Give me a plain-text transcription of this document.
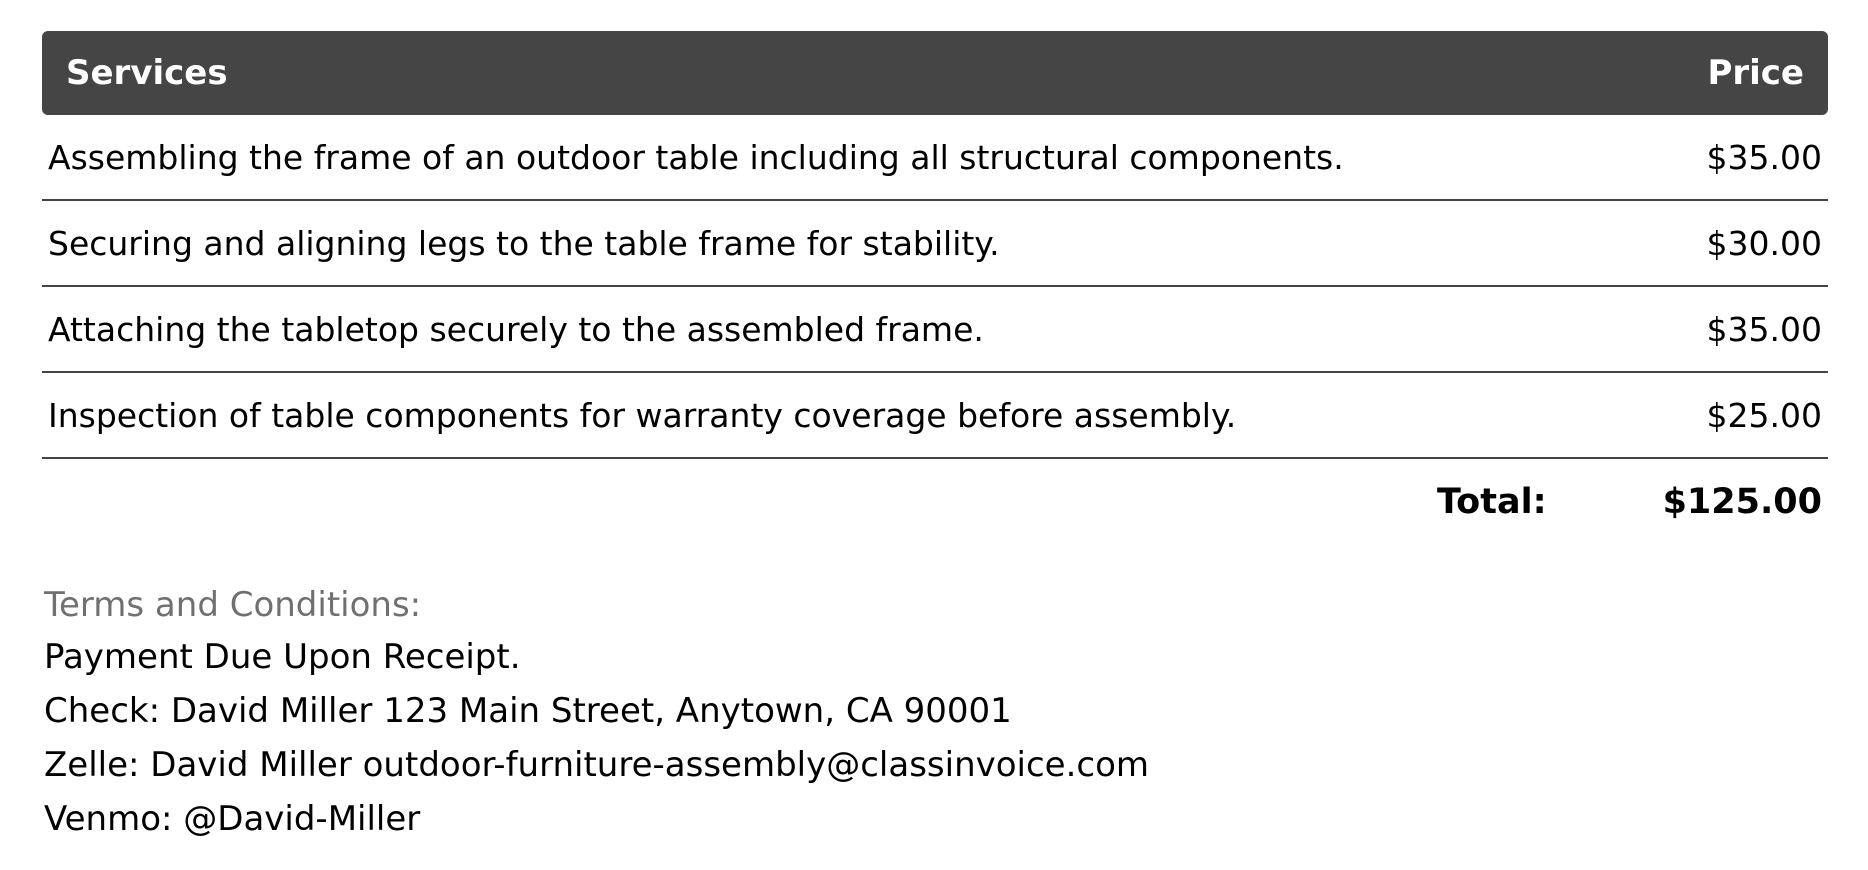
Services	Price
Assembling the frame of an outdoor table including all structural components.	$35.00
Securing and aligning legs to the table frame for stability.	$30.00
Attaching the tabletop securely to the assembled frame.	$35.00
Inspection of table components for warranty coverage before assembly.	$25.00
Total:	$125.00
Terms and Conditions:
Payment Due Upon Receipt.
Check: David Miller 123 Main Street, Anytown, CA 90001
Zelle: David Miller outdoor-furniture-assembly@classinvoice.com
Venmo: @David-Miller
